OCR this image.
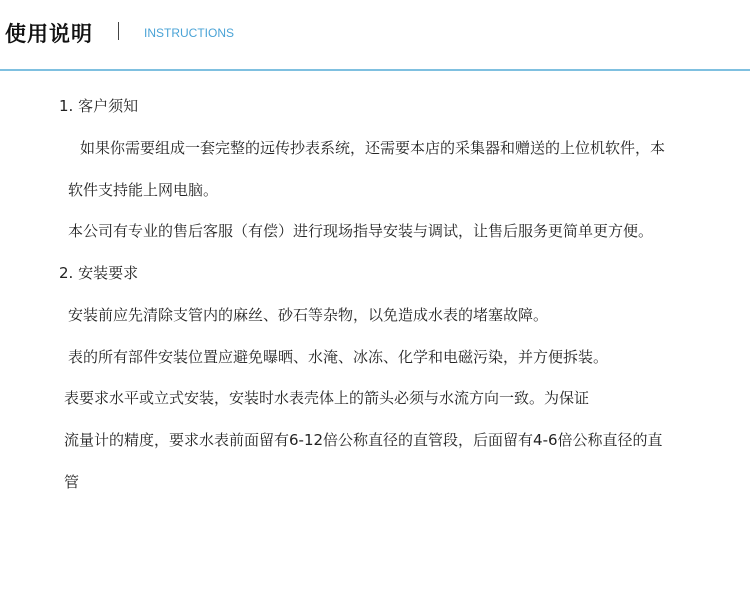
使用说明	INSTRUCTIONS
1. 客户须知
如果你需要组成一套完整的远传抄表系统，还需要本店的采集器和赠送的上位机软件，本
软件支持能上网电脑。
本公司有专业的售后客服（有偿）进行现场指导安装与调试，让售后服务更简单更方便。
2. 安装要求
安装前应先清除支管内的麻丝、砂石等杂物，以免造成水表的堵塞故障。
表的所有部件安装位置应避免曝晒、水淹、冰冻、化学和电磁污染，并方便拆装。
表要求水平或立式安装，安装时水表壳体上的箭头必须与水流方向一致。为保证
流量计的精度，要求水表前面留有6-12倍公称直径的直管段，后面留有4-6倍公称直径的直
管
